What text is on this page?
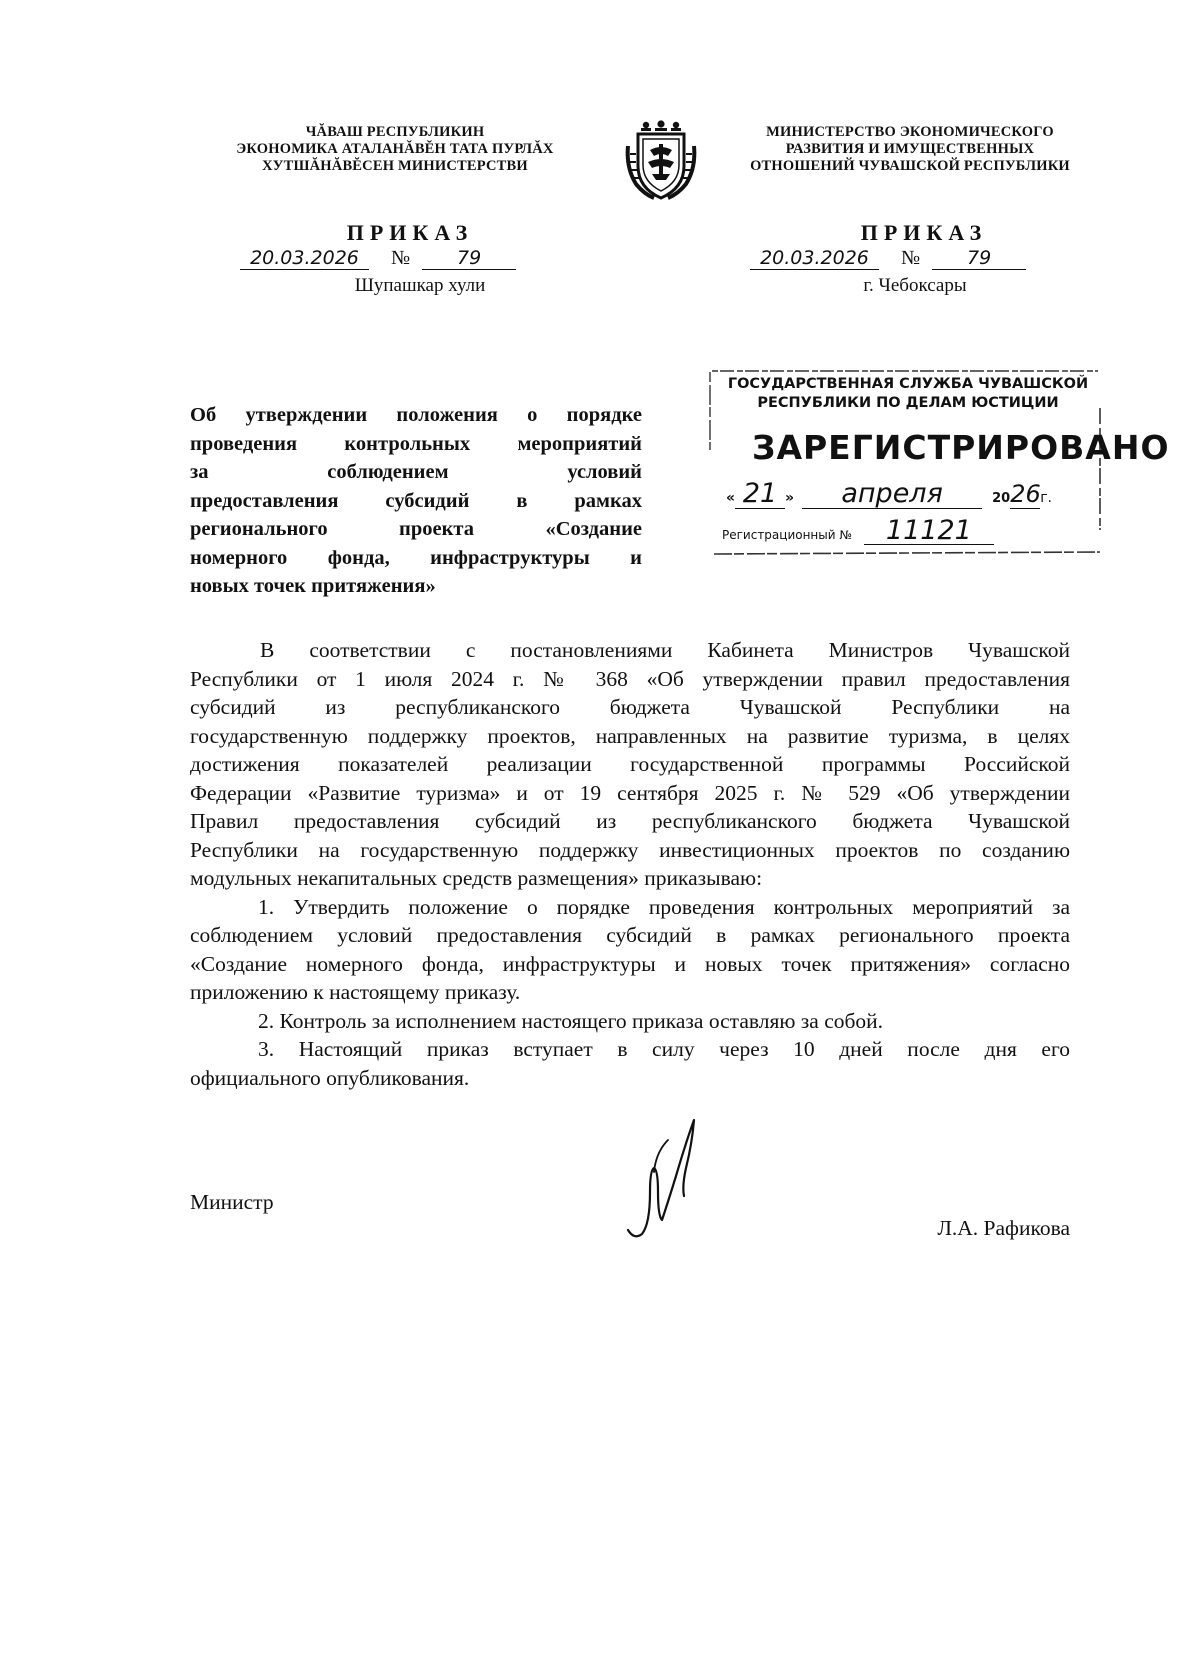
ЧĂВАШ РЕСПУБЛИКИН
ЭКОНОМИКА АТАЛАНĂВĔН ТАТА ПУРЛĂХ
ХУТШĂНĂВĔСЕН МИНИСТЕРСТВИ
МИНИСТЕРСТВО ЭКОНОМИЧЕСКОГО
РАЗВИТИЯ И ИМУЩЕСТВЕННЫХ
ОТНОШЕНИЙ ЧУВАШСКОЙ РЕСПУБЛИКИ
ПРИКАЗ	ПРИКАЗ
20.03.2026 № 79	20.03.2026 № 79
Шупашкар хули	г. Чебоксары
Об утверждении положения о порядке
проведения контрольных мероприятий
за соблюдением условий
предоставления субсидий в рамках
регионального проекта «Создание
номерного фонда, инфраструктуры и
новых точек притяжения»
ГОСУДАРСТВЕННАЯ СЛУЖБА ЧУВАШСКОЙ
РЕСПУБЛИКИ ПО ДЕЛАМ ЮСТИЦИИ
ЗАРЕГИСТРИРОВАНО
« 21 » апреля	2026г.
Регистрационный № 11121
В соответствии с постановлениями Кабинета Министров Чувашской
Республики от 1 июля 2024 г. № 368 «Об утверждении правил предоставления
субсидий из республиканского бюджета Чувашской Республики на
государственную поддержку проектов, направленных на развитие туризма, в целях
достижения показателей реализации государственной программы Российской
Федерации «Развитие туризма» и от 19 сентября 2025 г. № 529 «Об утверждении
Правил предоставления субсидий из республиканского бюджета Чувашской
Республики на государственную поддержку инвестиционных проектов по созданию
модульных некапитальных средств размещения» приказываю:
1. Утвердить положение о порядке проведения контрольных мероприятий за
соблюдением условий предоставления субсидий в рамках регионального проекта
«Создание номерного фонда, инфраструктуры и новых точек притяжения» согласно
приложению к настоящему приказу.
2. Контроль за исполнением настоящего приказа оставляю за собой.
3. Настоящий приказ вступает в силу через 10 дней после дня его
официального опубликования.
Министр
Л.А. Рафикова
